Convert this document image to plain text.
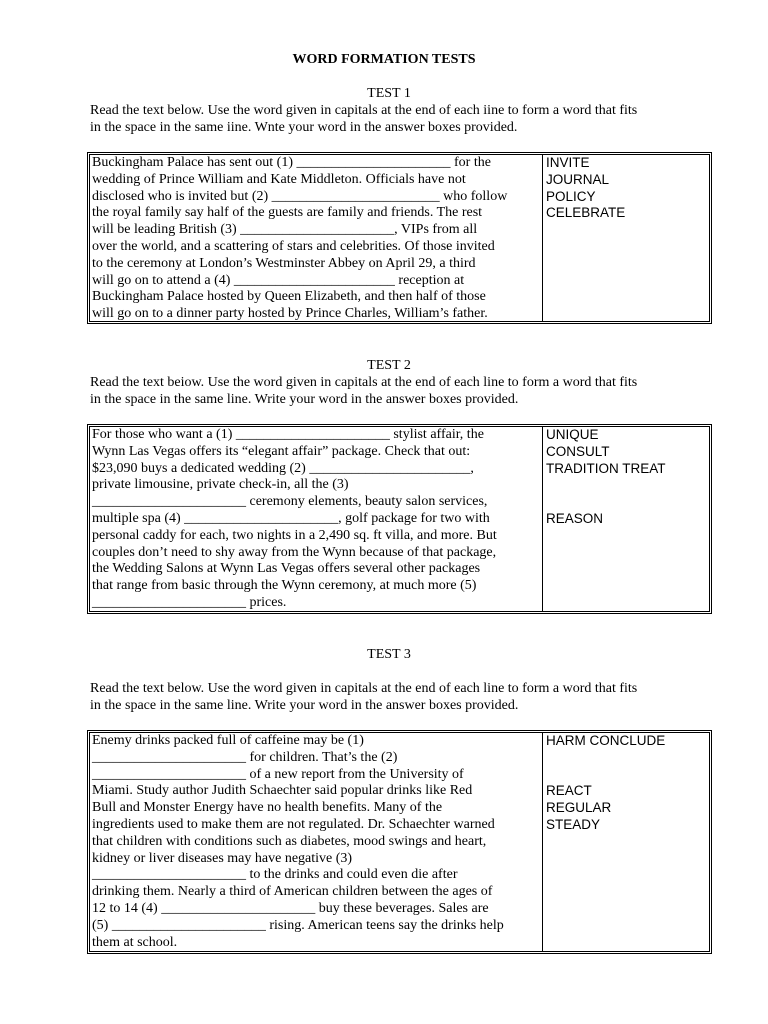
WORD FORMATION TESTS
TEST 1
Read the text below. Use the word given in capitals at the end of each iine to form a word that fits
in the space in the same iine. Wnte your word in the answer boxes provided.
Buckingham Palace has sent out (1) ______________________ for the
wedding of Prince William and Kate Middleton. Officials have not
disclosed who is invited but (2) ________________________ who follow
the royal family say half of the guests are family and friends. The rest
will be leading British (3) ______________________, VIPs from all
over the world, and a scattering of stars and celebrities. Of those invited
to the ceremony at London’s Westminster Abbey on April 29, a third
will go on to attend a (4) _______________________ reception at
Buckingham Palace hosted by Queen Elizabeth, and then half of those
will go on to a dinner party hosted by Prince Charles, William’s father.
INVITE
JOURNAL
POLICY
CELEBRATE
TEST 2
Read the text beiow. Use the word given in capitals at the end of each line to form a word that fits
in the space in the same line. Write your word in the answer boxes provided.
For those who want a (1) ______________________ stylist affair, the
Wynn Las Vegas offers its “elegant affair” package. Check that out:
$23,090 buys a dedicated wedding (2) _______________________,
private limousine, private check-in, all the (3)
______________________ ceremony elements, beauty salon services,
multiple spa (4) ______________________, golf package for two with
personal caddy for each, two nights in a 2,490 sq. ft villa, and more. But
couples don’t need to shy away from the Wynn because of that package,
the Wedding Salons at Wynn Las Vegas offers several other packages
that range from basic through the Wynn ceremony, at much more (5)
______________________ prices.
UNIQUE
CONSULT
TRADITION TREAT
REASON
TEST 3
Read the text below. Use the word given in capitals at the end of each line to form a word that fits
in the space in the same line. Write your word in the answer boxes provided.
Enemy drinks packed full of caffeine may be (1)
______________________ for children. That’s the (2)
______________________ of a new report from the University of
Miami. Study author Judith Schaechter said popular drinks like Red
Bull and Monster Energy have no health benefits. Many of the
ingredients used to make them are not regulated. Dr. Schaechter warned
that children with conditions such as diabetes, mood swings and heart,
kidney or liver diseases may have negative (3)
______________________ to the drinks and could even die after
drinking them. Nearly a third of American children between the ages of
12 to 14 (4) ______________________ buy these beverages. Sales are
(5) ______________________ rising. American teens say the drinks help
them at school.
HARM CONCLUDE
REACT
REGULAR
STEADY
